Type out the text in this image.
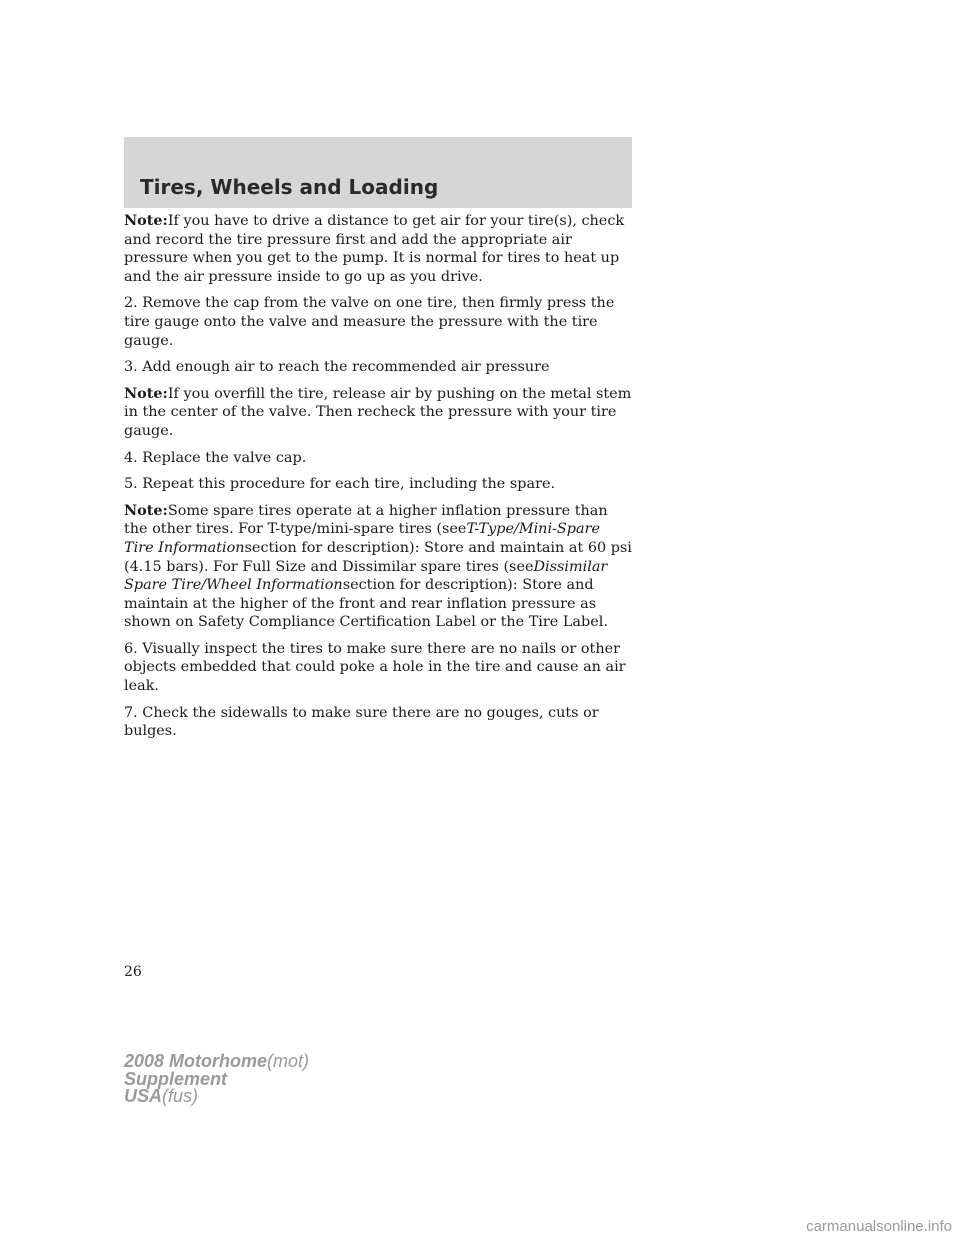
Tires, Wheels and Loading

Note:If you have to drive a distance to get air for your tire(s), check and record the tire pressure first and add the appropriate air pressure when you get to the pump. It is normal for tires to heat up and the air pressure inside to go up as you drive.

2. Remove the cap from the valve on one tire, then firmly press the tire gauge onto the valve and measure the pressure with the tire gauge.

3. Add enough air to reach the recommended air pressure

Note:If you overfill the tire, release air by pushing on the metal stem in the center of the valve. Then recheck the pressure with your tire gauge.

4. Replace the valve cap.

5. Repeat this procedure for each tire, including the spare.

Note:Some spare tires operate at a higher inflation pressure than the other tires. For T-type/mini-spare tires (seeT-Type/Mini-Spare Tire Informationsection for description): Store and maintain at 60 psi (4.15 bars). For Full Size and Dissimilar spare tires (seeDissimilar Spare Tire/Wheel Informationsection for description): Store and maintain at the higher of the front and rear inflation pressure as shown on Safety Compliance Certification Label or the Tire Label.

6. Visually inspect the tires to make sure there are no nails or other objects embedded that could poke a hole in the tire and cause an air leak.

7. Check the sidewalls to make sure there are no gouges, cuts or bulges.

26
2008 Motorhome(mot)
Supplement
USA(fus)
carmanualsonline.info
